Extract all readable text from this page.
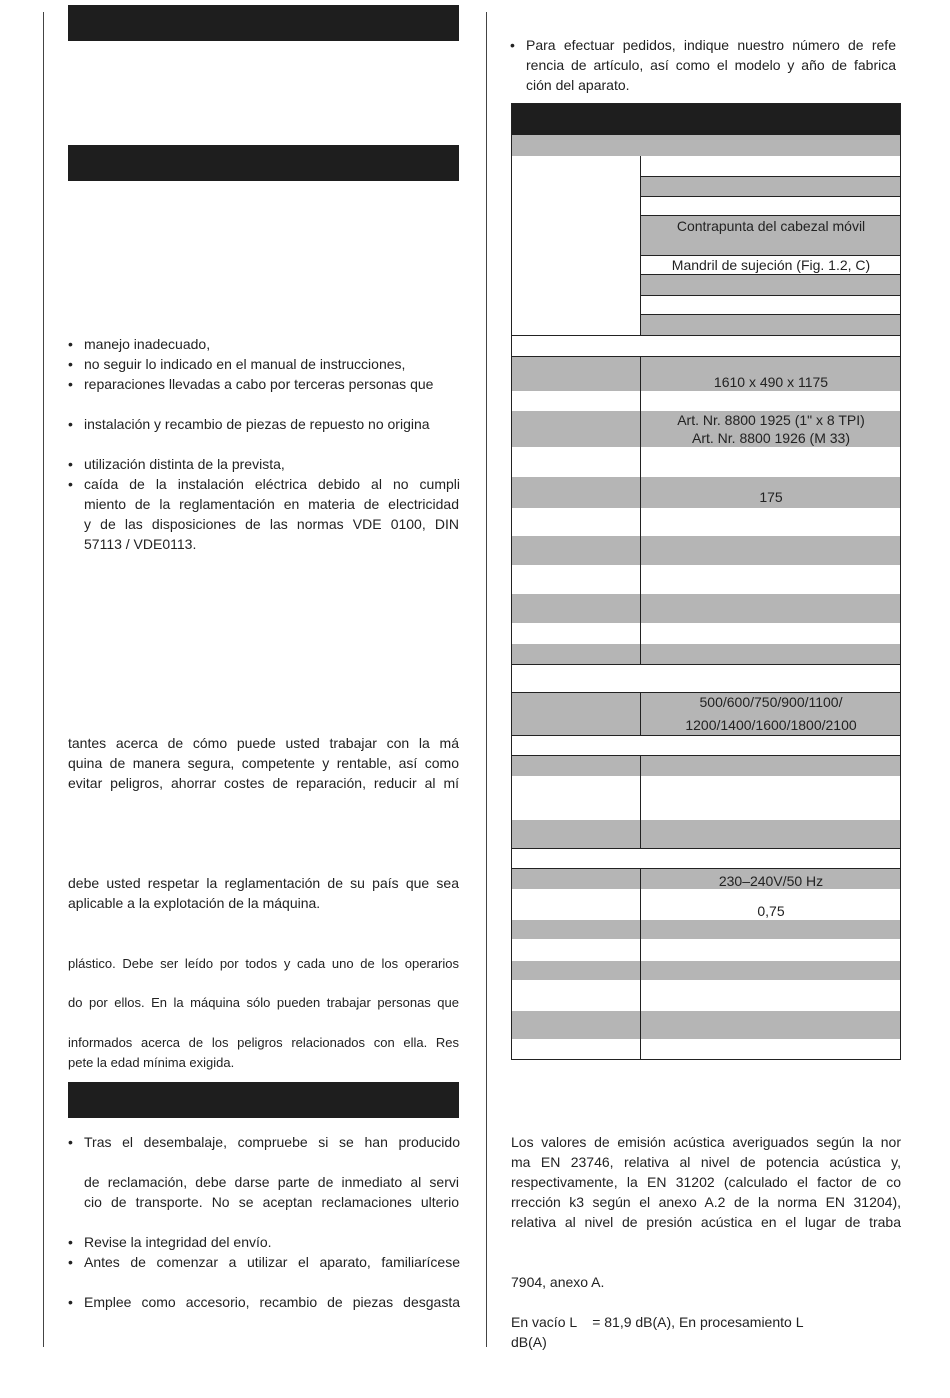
• manejo inadecuado,
• no seguir lo indicado en el manual de instrucciones,
• reparaciones llevadas a cabo por terceras personas que
• instalación y recambio de piezas de repuesto no origina
• utilización distinta de la prevista,
• caída de la instalación eléctrica debido al no cumpli
miento de la reglamentación en materia de electricidad
y de las disposiciones de las normas VDE 0100, DIN
57113 / VDE0113.
tantes acerca de cómo puede usted trabajar con la má
quina de manera segura, competente y rentable, así como
evitar peligros, ahorrar costes de reparación, reducir al mí
debe usted respetar la reglamentación de su país que sea
aplicable a la explotación de la máquina.
plástico. Debe ser leído por todos y cada uno de los operarios
do por ellos. En la máquina sólo pueden trabajar personas que
informados acerca de los peligros relacionados con ella. Res
pete la edad mínima exigida.
• Tras el desembalaje, compruebe si se han producido
de reclamación, debe darse parte de inmediato al servi
cio de transporte. No se aceptan reclamaciones ulterio
• Revise la integridad del envío.
• Antes de comenzar a utilizar el aparato, familiarícese
• Emplee como accesorio, recambio de piezas desgasta
• Para efectuar pedidos, indique nuestro número de refe
rencia de artículo, así como el modelo y año de fabrica
ción del aparato.
Contrapunta del cabezal móvil
Mandril de sujeción (Fig. 1.2, C)
1610 x 490 x 1175
Art. Nr. 8800 1925 (1" x 8 TPI)
Art. Nr. 8800 1926 (M 33)
175
500/600/750/900/1100/
1200/1400/1600/1800/2100
230–240V/50 Hz
0,75
Los valores de emisión acústica averiguados según la nor
ma EN 23746, relativa al nivel de potencia acústica y,
respectivamente, la EN 31202 (calculado el factor de co
rrección k3 según el anexo A.2 de la norma EN 31204),
relativa al nivel de presión acústica en el lugar de traba
7904, anexo A.
En vacío L    = 81,9 dB(A), En procesamiento L
dB(A)
